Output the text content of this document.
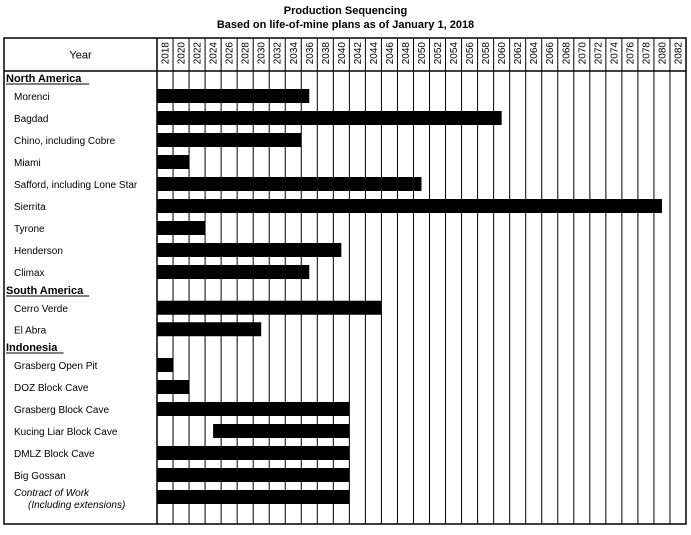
Production Sequencing
Based on life-of-mine plans as of January 1, 2018
Year	2018 2020 2022 2024 2026 2028 2030 2032 2034 2036 2038 2040 2042 2044 2046 2048 2050 2052 2054 2056 2058 2060 2062 2064 2066 2068 2070 2072 2074 2076 2078 2080 2082
North America
Morenci
Bagdad
Chino, including Cobre
Miami
Safford, including Lone Star
Sierrita
Tyrone
Henderson
Climax
South America
Cerro Verde
El Abra
Indonesia
Grasberg Open Pit
DOZ Block Cave
Grasberg Block Cave
Kucing Liar Block Cave
DMLZ Block Cave
Big Gossan
Contract of Work
(Including extensions)
